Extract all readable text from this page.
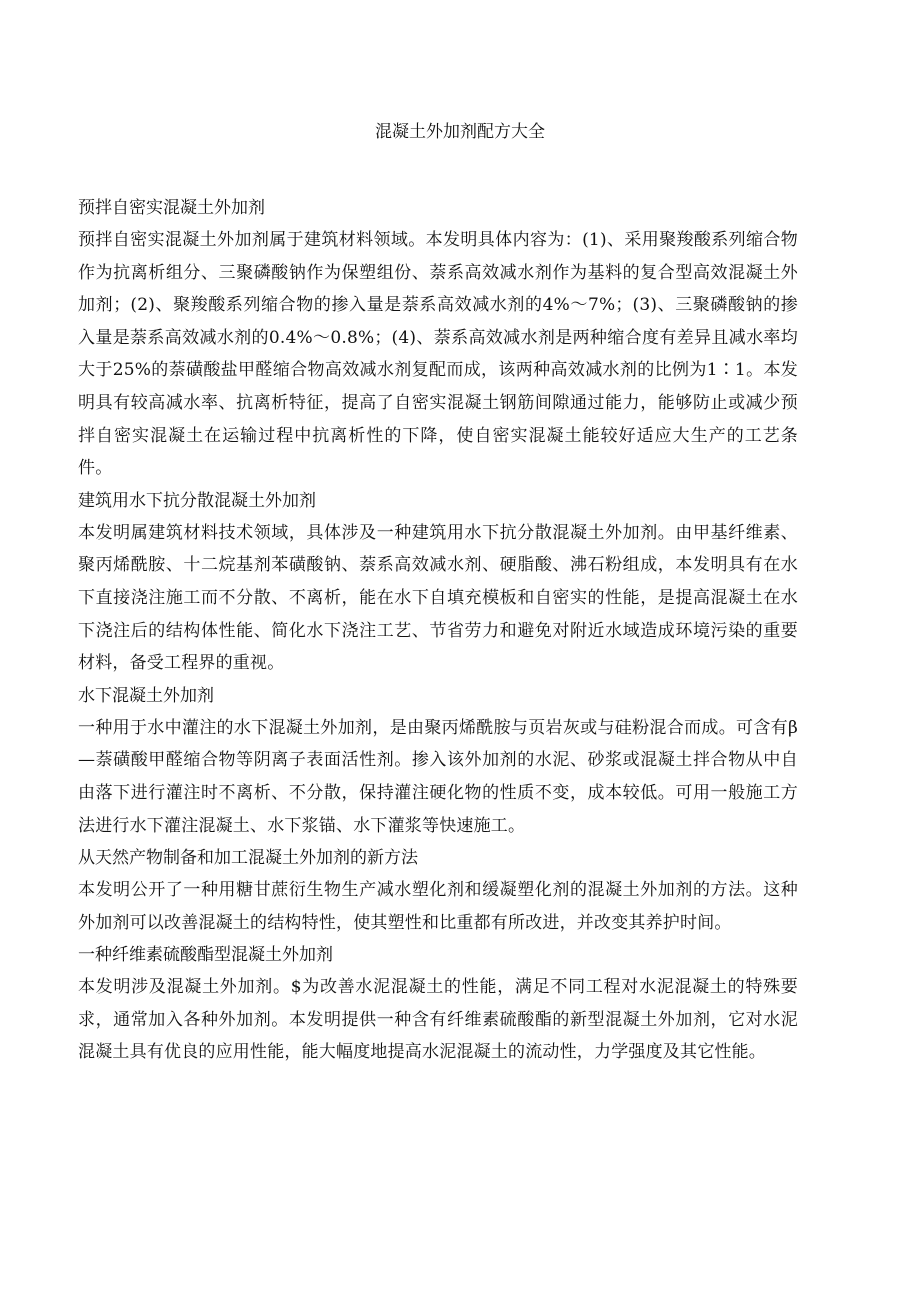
混凝土外加剂配方大全

预拌自密实混凝土外加剂

预拌自密实混凝土外加剂属于建筑材料领域。本发明具体内容为：(1)、采用聚羧酸系列缩合物作为抗离析组分、三聚磷酸钠作为保塑组份、萘系高效减水剂作为基料的复合型高效混凝土外加剂；(2)、聚羧酸系列缩合物的掺入量是萘系高效减水剂的4%～7%；(3)、三聚磷酸钠的掺入量是萘系高效减水剂的0.4%～0.8%；(4)、萘系高效减水剂是两种缩合度有差异且减水率均大于25%的萘磺酸盐甲醛缩合物高效减水剂复配而成，该两种高效减水剂的比例为1∶1。本发明具有较高减水率、抗离析特征，提高了自密实混凝土钢筋间隙通过能力，能够防止或减少预拌自密实混凝土在运输过程中抗离析性的下降，使自密实混凝土能较好适应大生产的工艺条件。

建筑用水下抗分散混凝土外加剂

本发明属建筑材料技术领域，具体涉及一种建筑用水下抗分散混凝土外加剂。由甲基纤维素、聚丙烯酰胺、十二烷基剂苯磺酸钠、萘系高效减水剂、硬脂酸、沸石粉组成，本发明具有在水下直接浇注施工而不分散、不离析，能在水下自填充模板和自密实的性能，是提高混凝土在水下浇注后的结构体性能、简化水下浇注工艺、节省劳力和避免对附近水域造成环境污染的重要材料，备受工程界的重视。

水下混凝土外加剂

一种用于水中灌注的水下混凝土外加剂，是由聚丙烯酰胺与页岩灰或与硅粉混合而成。可含有β—萘磺酸甲醛缩合物等阴离子表面活性剂。掺入该外加剂的水泥、砂浆或混凝土拌合物从中自由落下进行灌注时不离析、不分散，保持灌注硬化物的性质不变，成本较低。可用一般施工方法进行水下灌注混凝土、水下浆锚、水下灌浆等快速施工。

从天然产物制备和加工混凝土外加剂的新方法

本发明公开了一种用糖甘蔗衍生物生产减水塑化剂和缓凝塑化剂的混凝土外加剂的方法。这种外加剂可以改善混凝土的结构特性，使其塑性和比重都有所改进，并改变其养护时间。

一种纤维素硫酸酯型混凝土外加剂

本发明涉及混凝土外加剂。$为改善水泥混凝土的性能，满足不同工程对水泥混凝土的特殊要求，通常加入各种外加剂。本发明提供一种含有纤维素硫酸酯的新型混凝土外加剂，它对水泥混凝土具有优良的应用性能，能大幅度地提高水泥混凝土的流动性，力学强度及其它性能。
